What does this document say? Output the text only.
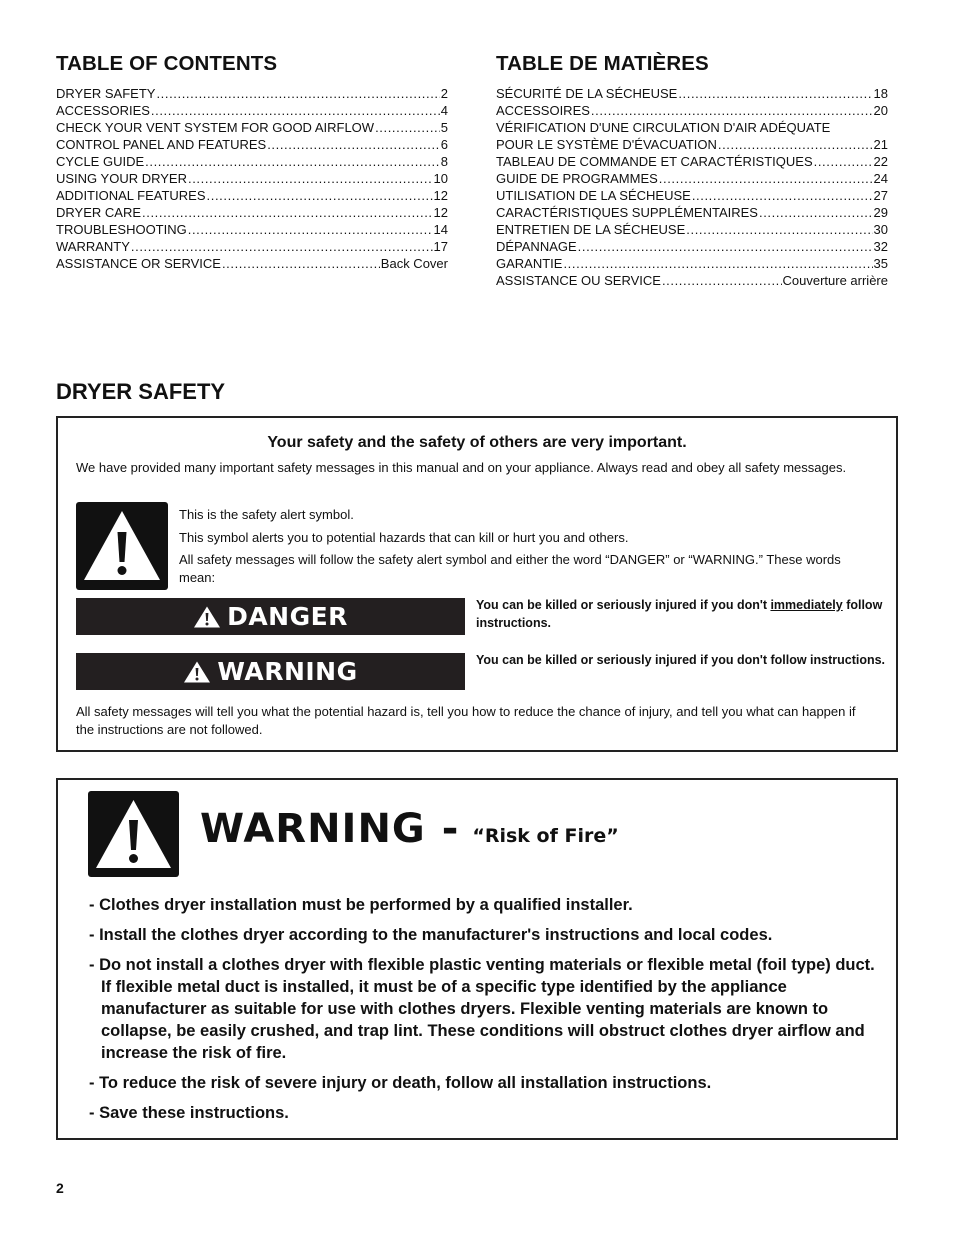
TABLE OF CONTENTS
DRYER SAFETY .....	2
ACCESSORIES .....	4
CHECK YOUR VENT SYSTEM FOR GOOD AIRFLOW .....	5
CONTROL PANEL AND FEATURES .....	6
CYCLE GUIDE .....	8
USING YOUR DRYER .....	10
ADDITIONAL FEATURES .....	12
DRYER CARE .....	12
TROUBLESHOOTING .....	14
WARRANTY .....	17
ASSISTANCE OR SERVICE .....	Back Cover
TABLE DE MATIÈRES
SÉCURITÉ DE LA SÉCHEUSE .....	18
ACCESSOIRES .....	20
VÉRIFICATION D'UNE CIRCULATION D'AIR ADÉQUATE
POUR LE SYSTÈME D'ÉVACUATION .....	21
TABLEAU DE COMMANDE ET CARACTÉRISTIQUES .....	22
GUIDE DE PROGRAMMES .....	24
UTILISATION DE LA SÉCHEUSE .....	27
CARACTÉRISTIQUES SUPPLÉMENTAIRES .....	29
ENTRETIEN DE LA SÉCHEUSE .....	30
DÉPANNAGE .....	32
GARANTIE .....	35
ASSISTANCE OU SERVICE .....	Couverture arrière
DRYER SAFETY
Your safety and the safety of others are very important.
We have provided many important safety messages in this manual and on your appliance. Always read and obey all safety messages.
This is the safety alert symbol.
This symbol alerts you to potential hazards that can kill or hurt you and others.
All safety messages will follow the safety alert symbol and either the word “DANGER” or “WARNING.” These words mean:
DANGER	You can be killed or seriously injured if you don't immediately follow instructions.
WARNING	You can be killed or seriously injured if you don't follow instructions.
All safety messages will tell you what the potential hazard is, tell you how to reduce the chance of injury, and tell you what can happen if the instructions are not followed.
WARNING - “Risk of Fire”
- Clothes dryer installation must be performed by a qualified installer.
- Install the clothes dryer according to the manufacturer's instructions and local codes.
- Do not install a clothes dryer with flexible plastic venting materials or flexible metal (foil type) duct. If flexible metal duct is installed, it must be of a specific type identified by the appliance manufacturer as suitable for use with clothes dryers. Flexible venting materials are known to collapse, be easily crushed, and trap lint. These conditions will obstruct clothes dryer airflow and increase the risk of fire.
- To reduce the risk of severe injury or death, follow all installation instructions.
- Save these instructions.
2
